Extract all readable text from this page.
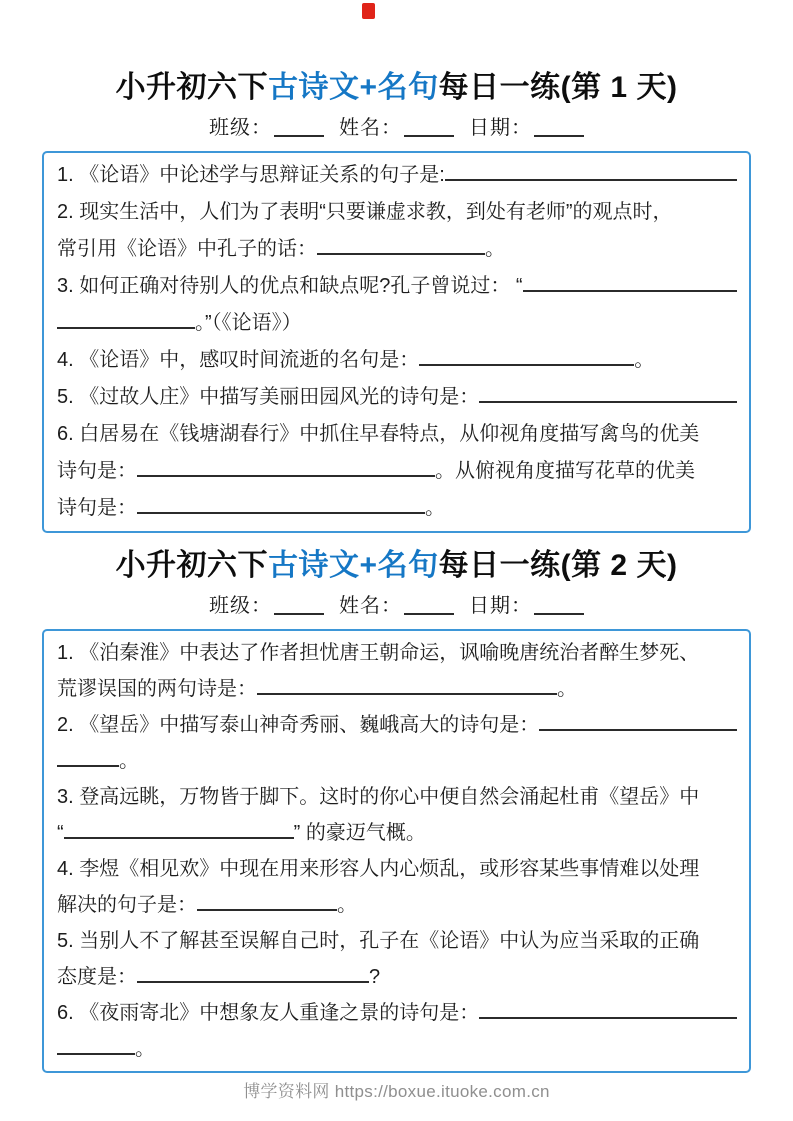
小升初六下古诗文+名句每日一练(第 1 天)
班级：	姓名：	日期：
1. 《论语》中论述学与思辩证关系的句子是:
2. 现实生活中，人们为了表明“只要谦虚求教，到处有老师”的观点时，
常引用《论语》中孔子的话：	。
3. 如何正确对待别人的优点和缺点呢?孔子曾说过： “
。”（《论语》）
4. 《论语》中，感叹时间流逝的名句是：	。
5. 《过故人庄》中描写美丽田园风光的诗句是：
6. 白居易在《钱塘湖春行》中抓住早春特点，从仰视角度描写禽鸟的优美
诗句是：	。从俯视角度描写花草的优美
诗句是：	。
小升初六下古诗文+名句每日一练(第 2 天)
班级：	姓名：	日期：
1. 《泊秦淮》中表达了作者担忧唐王朝命运，讽喻晚唐统治者醉生梦死、
荒谬误国的两句诗是：	。
2. 《望岳》中描写泰山神奇秀丽、巍峨高大的诗句是：
。
3. 登高远眺，万物皆于脚下。这时的你心中便自然会涌起杜甫《望岳》中
“	” 的豪迈气概。
4. 李煜《相见欢》中现在用来形容人内心烦乱，或形容某些事情难以处理
解决的句子是：	。
5. 当别人不了解甚至误解自己时，孔子在《论语》中认为应当采取的正确
态度是：	?
6. 《夜雨寄北》中想象友人重逢之景的诗句是：
。
博学资料网 https://boxue.ituoke.com.cn
